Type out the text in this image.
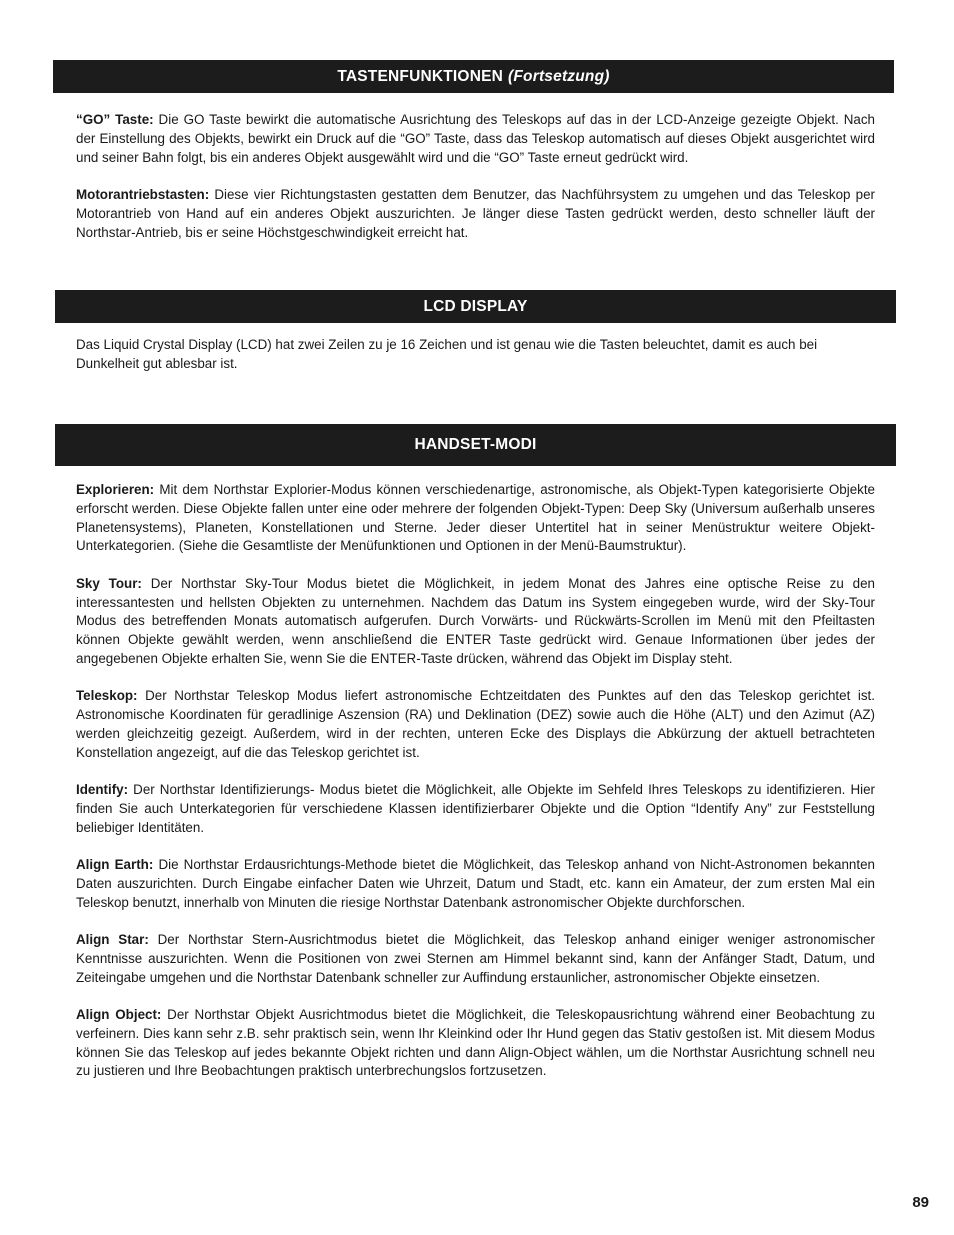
TASTENFUNKTIONEN (Fortsetzung)

“GO” Taste: Die GO Taste bewirkt die automatische Ausrichtung des Teleskops auf das in der LCD-Anzeige gezeigte Objekt. Nach der Einstellung des Objekts, bewirkt ein Druck auf die “GO” Taste, dass das Teleskop automatisch auf dieses Objekt ausgerichtet wird und seiner Bahn folgt, bis ein anderes Objekt ausgewählt wird und die “GO” Taste erneut gedrückt wird.

Motorantriebstasten: Diese vier Richtungstasten gestatten dem Benutzer, das Nachführsystem zu umgehen und das Teleskop per Motorantrieb von Hand auf ein anderes Objekt auszurichten. Je länger diese Tasten gedrückt werden, desto schneller läuft der Northstar-Antrieb, bis er seine Höchstgeschwindigkeit erreicht hat.

LCD DISPLAY

Das Liquid Crystal Display (LCD) hat zwei Zeilen zu je 16 Zeichen und ist genau wie die Tasten beleuchtet, damit es auch bei Dunkelheit gut ablesbar ist.

HANDSET-MODI

Explorieren: Mit dem Northstar Explorier-Modus können verschiedenartige, astronomische, als Objekt-Typen kategorisierte Objekte erforscht werden. Diese Objekte fallen unter eine oder mehrere der folgenden Objekt-Typen: Deep Sky (Universum außerhalb unseres Planetensystems), Planeten, Konstellationen und Sterne. Jeder dieser Untertitel hat in seiner Menüstruktur weitere Objekt-Unterkategorien. (Siehe die Gesamtliste der Menüfunktionen und Optionen in der Menü-Baumstruktur).

Sky Tour: Der Northstar Sky-Tour Modus bietet die Möglichkeit, in jedem Monat des Jahres eine optische Reise zu den interessantesten und hellsten Objekten zu unternehmen. Nachdem das Datum ins System eingegeben wurde, wird der Sky-Tour Modus des betreffenden Monats automatisch aufgerufen. Durch Vorwärts- und Rückwärts-Scrollen im Menü mit den Pfeiltasten können Objekte gewählt werden, wenn anschließend die ENTER Taste gedrückt wird. Genaue Informationen über jedes der angegebenen Objekte erhalten Sie, wenn Sie die ENTER-Taste drücken, während das Objekt im Display steht.

Teleskop: Der Northstar Teleskop Modus liefert astronomische Echtzeitdaten des Punktes auf den das Teleskop gerichtet ist. Astronomische Koordinaten für geradlinige Aszension (RA) und Deklination (DEZ) sowie auch die Höhe (ALT) und den Azimut (AZ) werden gleichzeitig gezeigt. Außerdem, wird in der rechten, unteren Ecke des Displays die Abkürzung der aktuell betrachteten Konstellation angezeigt, auf die das Teleskop gerichtet ist.

Identify: Der Northstar Identifizierungs- Modus bietet die Möglichkeit, alle Objekte im Sehfeld Ihres Teleskops zu identifizieren. Hier finden Sie auch Unterkategorien für verschiedene Klassen identifizierbarer Objekte und die Option “Identify Any” zur Feststellung beliebiger Identitäten.

Align Earth: Die Northstar Erdausrichtungs-Methode bietet die Möglichkeit, das Teleskop anhand von Nicht-Astronomen bekannten Daten auszurichten. Durch Eingabe einfacher Daten wie Uhrzeit, Datum und Stadt, etc. kann ein Amateur, der zum ersten Mal ein Teleskop benutzt, innerhalb von Minuten die riesige Northstar Datenbank astronomischer Objekte durchforschen.

Align Star: Der Northstar Stern-Ausrichtmodus bietet die Möglichkeit, das Teleskop anhand einiger weniger astronomischer Kenntnisse auszurichten. Wenn die Positionen von zwei Sternen am Himmel bekannt sind, kann der Anfänger Stadt, Datum, und Zeiteingabe umgehen und die Northstar Datenbank schneller zur Auffindung erstaunlicher, astronomischer Objekte einsetzen.

Align Object: Der Northstar Objekt Ausrichtmodus bietet die Möglichkeit, die Teleskopausrichtung während einer Beobachtung zu verfeinern. Dies kann sehr z.B. sehr praktisch sein, wenn Ihr Kleinkind oder Ihr Hund gegen das Stativ gestoßen ist. Mit diesem Modus können Sie das Teleskop auf jedes bekannte Objekt richten und dann Align-Object wählen, um die Northstar Ausrichtung schnell neu zu justieren und Ihre Beobachtungen praktisch unterbrechungslos fortzusetzen.

89
